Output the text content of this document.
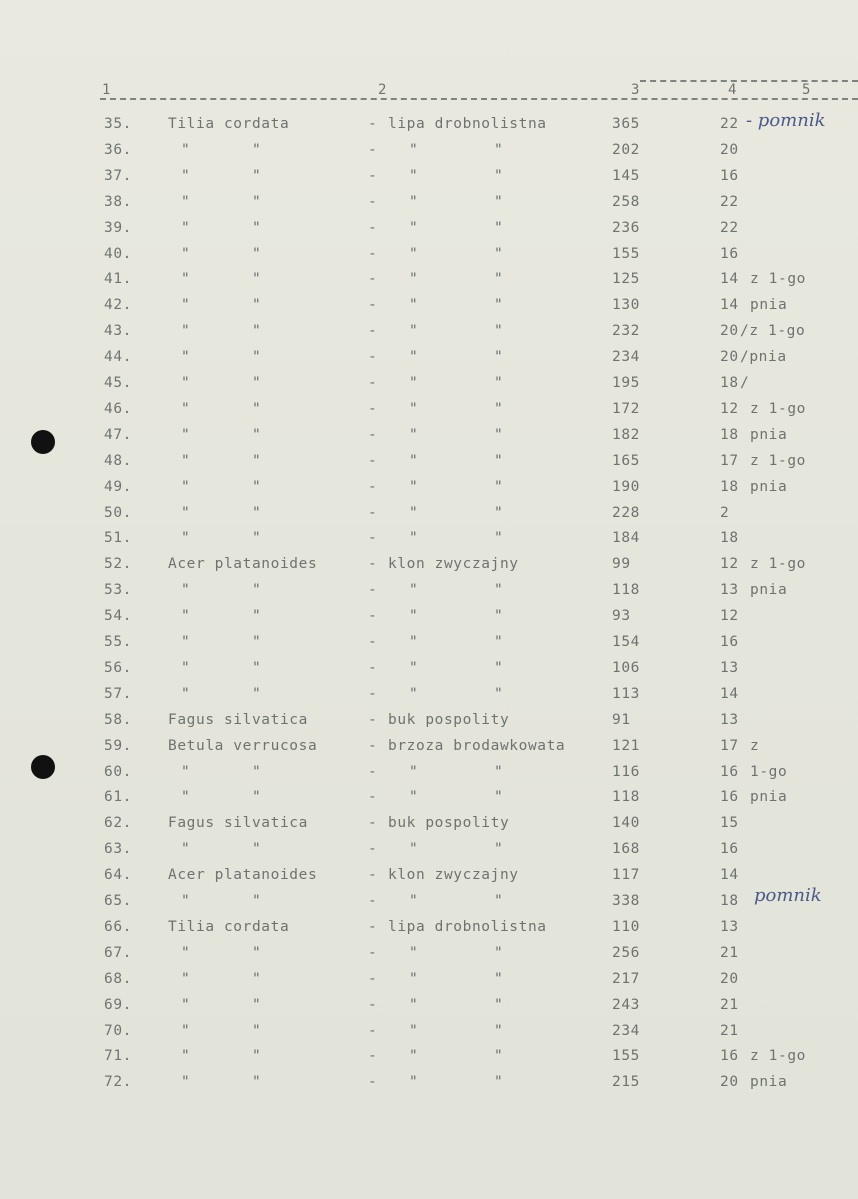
1	2	3	4	5
35. Tilia cordata	- lipa drobnolistna	365	22
36.	"	"	- "	"	202	20
37.	"	"	- "	"	145	16
38.	"	"	- "	"	258	22
39.	"	"	- "	"	236	22
40.	"	"	- "	"	155	16
41.	"	"	- "	"	125	14 z 1-go
42.	"	"	- "	"	130	14 pnia
43.	"	"	- "	"	232	20 /z 1-go
44.	"	"	- "	"	234	20 /pnia
45.	"	"	- "	"	195	18 /
46.	"	"	- "	"	172	12 z 1-go
47.	"	"	- "	"	182	18 pnia
48.	"	"	- "	"	165	17 z 1-go
49.	"	"	- "	"	190	18 pnia
50.	"	"	- "	"	228	2
51.	"	"	- "	"	184	18
52. Acer platanoides	- klon zwyczajny	99	12 z 1-go
53.	"	"	- "	"	118	13 pnia
54.	"	"	- "	"	93	12
55.	"	"	- "	"	154	16
56.	"	"	- "	"	106	13
57.	"	"	- "	"	113	14
58. Fagus silvatica	- buk pospolity	91	13
59. Betula verrucosa	- brzoza brodawkowata	121	17 z
60.	"	"	- "	"	116	16 1-go
61.	"	"	- "	"	118	16 pnia
62. Fagus silvatica	- buk pospolity	140	15
63.	"	"	- "	"	168	16
64. Acer platanoides	- klon zwyczajny	117	14
65.	"	"	- "	"	338	18
66. Tilia cordata	- lipa drobnolistna	110	13
67.	"	"	- "	"	256	21
68.	"	"	- "	"	217	20
69.	"	"	- "	"	243	21
70.	"	"	- "	"	234	21
71.	"	"	- "	"	155	16 z 1-go
72.	"	"	- "	"	215	20 pnia
- pomnik
pomnik
